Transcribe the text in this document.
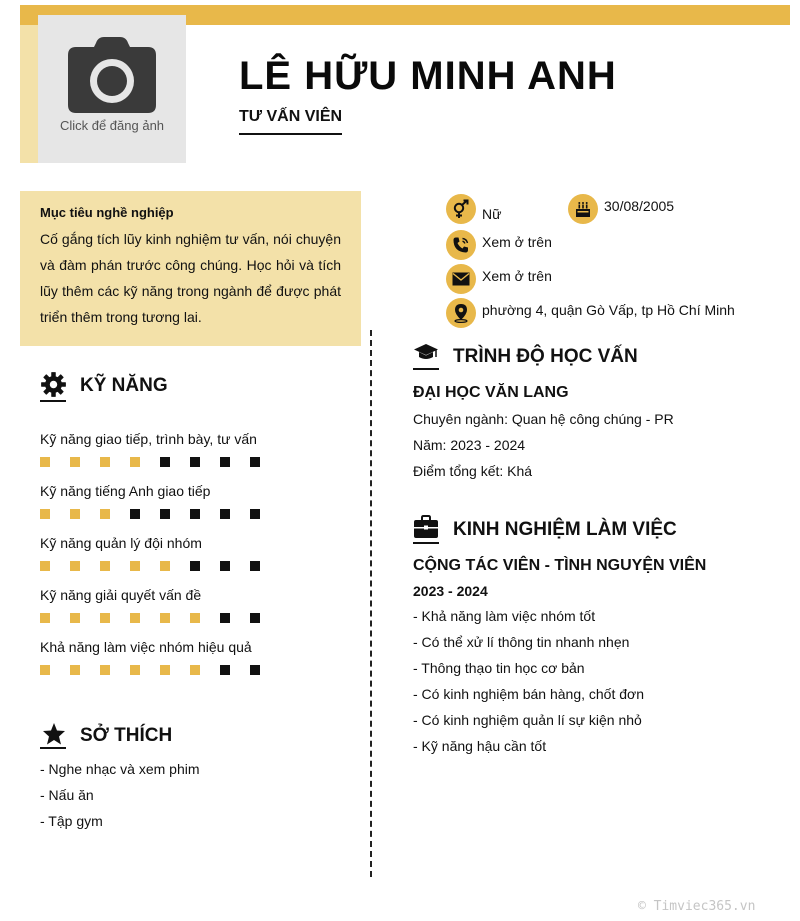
Click để đăng ảnh
LÊ HỮU MINH ANH
TƯ VẤN VIÊN
Mục tiêu nghề nghiệp
Cố gắng tích lũy kinh nghiệm tư vấn, nói chuyện và đàm phán trước công chúng. Học hỏi và tích lũy thêm các kỹ năng trong ngành để được phát triển thêm trong tương lai.
Nữ	30/08/2005
Xem ở trên
Xem ở trên
phường 4, quận Gò Vấp, tp Hồ Chí Minh
KỸ NĂNG
Kỹ năng giao tiếp, trình bày, tư vấn
Kỹ năng tiếng Anh giao tiếp
Kỹ năng quản lý đội nhóm
Kỹ năng giải quyết vấn đề
Khả năng làm việc nhóm hiệu quả
SỞ THÍCH
- Nghe nhạc và xem phim
- Nấu ăn
- Tập gym
TRÌNH ĐỘ HỌC VẤN
ĐẠI HỌC VĂN LANG
Chuyên ngành: Quan hệ công chúng - PR
Năm: 2023 - 2024
Điểm tổng kết: Khá
KINH NGHIỆM LÀM VIỆC
CỘNG TÁC VIÊN - TÌNH NGUYỆN VIÊN
2023 - 2024
- Khả năng làm việc nhóm tốt
- Có thể xử lí thông tin nhanh nhẹn
- Thông thạo tin học cơ bản
- Có kinh nghiệm bán hàng, chốt đơn
- Có kinh nghiệm quản lí sự kiện nhỏ
- Kỹ năng hậu cần tốt
© Timviec365.vn
